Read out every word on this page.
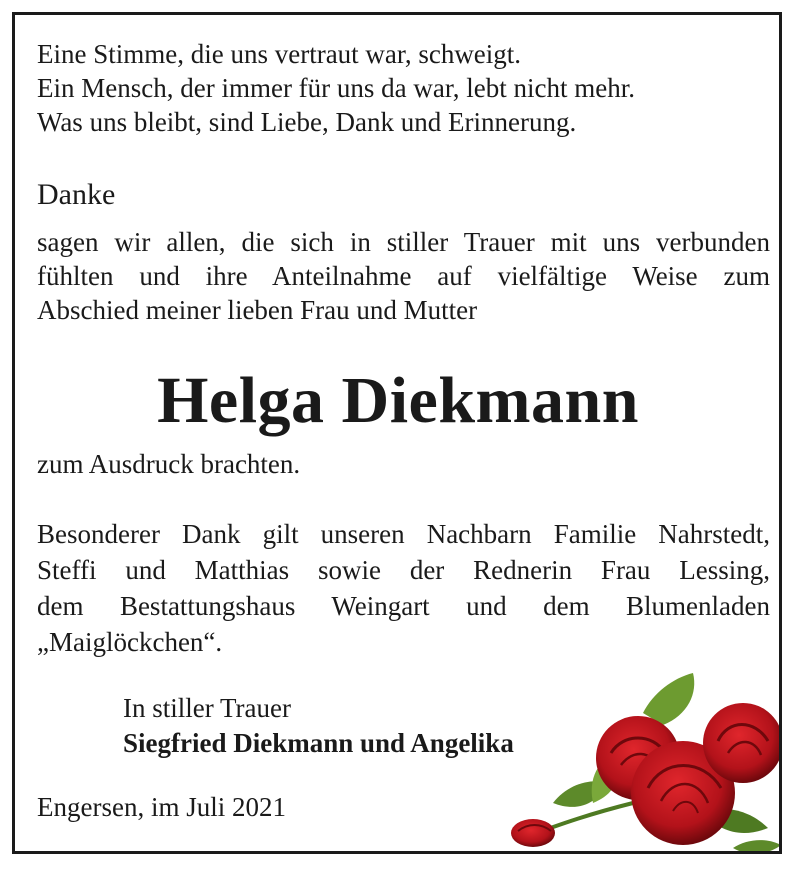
Eine Stimme, die uns vertraut war, schweigt.
Ein Mensch, der immer für uns da war, lebt nicht mehr.
Was uns bleibt, sind Liebe, Dank und Erinnerung.
Danke
sagen wir allen, die sich in stiller Trauer mit uns verbunden
fühlten und ihre Anteilnahme auf vielfältige Weise zum
Abschied meiner lieben Frau und Mutter
Helga Diekmann
zum Ausdruck brachten.
Besonderer Dank gilt unseren Nachbarn Familie Nahrstedt,
Steffi und Matthias sowie der Rednerin Frau Lessing,
dem Bestattungshaus Weingart und dem Blumenladen
„Maiglöckchen“.
In stiller Trauer
Siegfried Diekmann und Angelika
Engersen, im Juli 2021
